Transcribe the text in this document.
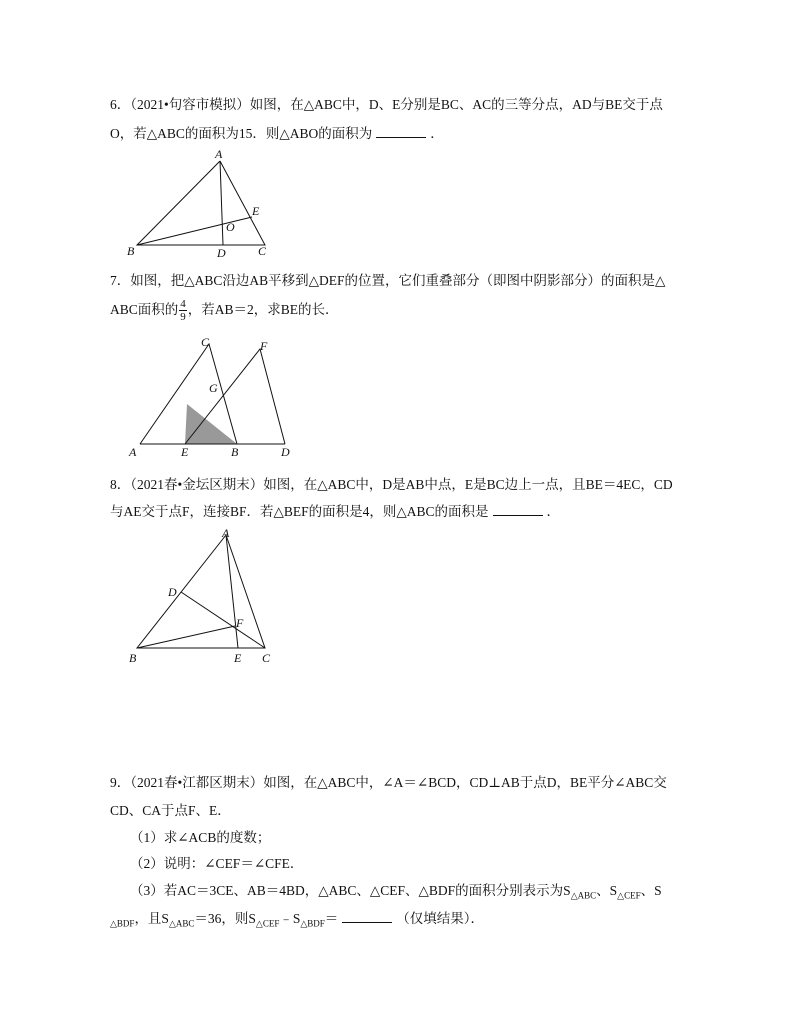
6．（2021•句容市模拟）如图，在△ABC中，D、E分别是BC、AC的三等分点，AD与BE交于点
O，若△ABC的面积为15．则△ABO的面积为	．
A
B	C
D
E
O
7．如图，把△ABC沿边AB平移到△DEF的位置，它们重叠部分（即图中阴影部分）的面积是△
ABC面积的 $\frac{4}{9}$ ，若AB＝2，求BE的长．
A	E	B	D
C	F
G
8．（2021春•金坛区期末）如图，在△ABC中，D是AB中点，E是BC边上一点，且BE＝4EC，CD
与AE交于点F，连接BF．若△BEF的面积是4，则△ABC的面积是	．
A
B	C
D
E
F
9．（2021春•江都区期末）如图，在△ABC中，∠A＝∠BCD，CD⊥AB于点D，BE平分∠ABC交
CD、CA于点F、E．
（1）求∠ACB的度数；
（2）说明：∠CEF＝∠CFE．
（3）若AC＝3CE、AB＝4BD，△ABC、△CEF、△BDF的面积分别表示为$S_{\triangle ABC}$、$S_{\triangle CEF}$、S
$_{\triangle BDF}$，且$S_{\triangle ABC}=36$，则$S_{\triangle CEF}﹣S_{\triangle BDF}=$	（仅填结果）．
